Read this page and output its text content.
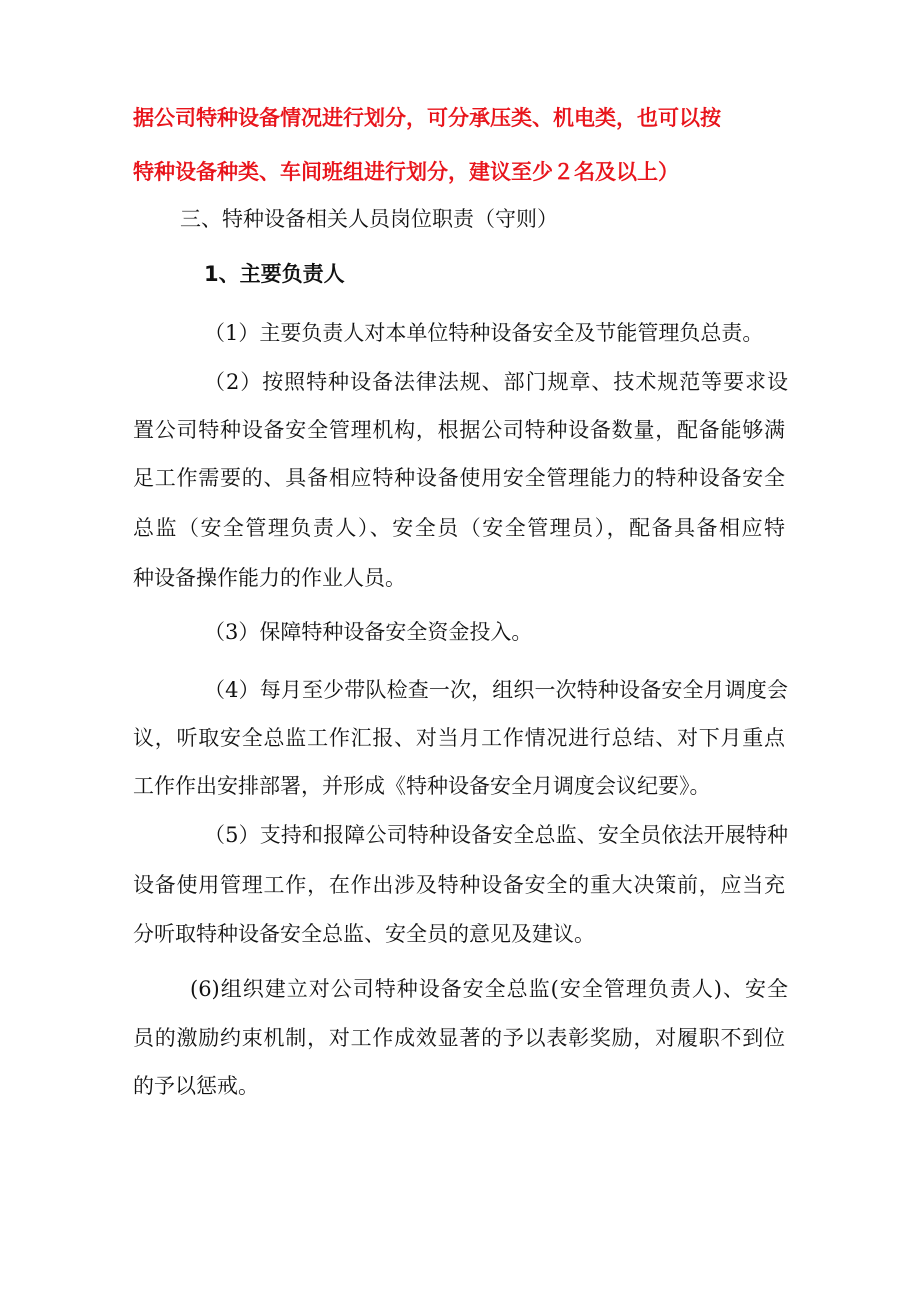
据公司特种设备情况进行划分，可分承压类、机电类，也可以按
特种设备种类、车间班组进行划分，建议至少２名及以上）
三、特种设备相关人员岗位职责（守则）
1、主要负责人
（1）主要负责人对本单位特种设备安全及节能管理负总责。
（2）按照特种设备法律法规、部门规章、技术规范等要求设
置公司特种设备安全管理机构，根据公司特种设备数量，配备能够满
足工作需要的、具备相应特种设备使用安全管理能力的特种设备安全
总监（安全管理负责人）、安全员（安全管理员），配备具备相应特
种设备操作能力的作业人员。
（3）保障特种设备安全资金投入。
（4）每月至少带队检查一次，组织一次特种设备安全月调度会
议，听取安全总监工作汇报、对当月工作情况进行总结、对下月重点
工作作出安排部署，并形成《特种设备安全月调度会议纪要》。
（5）支持和报障公司特种设备安全总监、安全员依法开展特种
设备使用管理工作，在作出涉及特种设备安全的重大决策前，应当充
分听取特种设备安全总监、安全员的意见及建议。
(6)组织建立对公司特种设备安全总监(安全管理负责人)、安全
员的激励约束机制，对工作成效显著的予以表彰奖励，对履职不到位
的予以惩戒。
